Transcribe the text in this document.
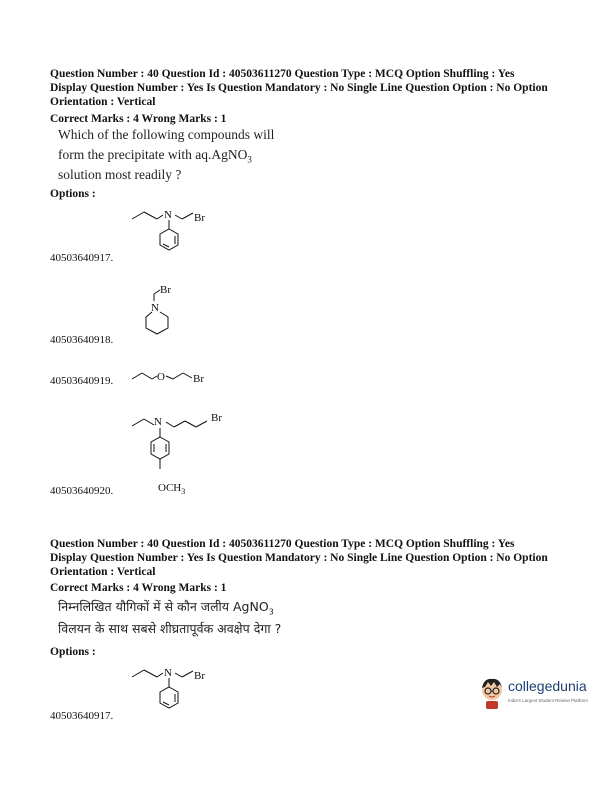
Question Number : 40 Question Id : 40503611270 Question Type : MCQ Option Shuffling : Yes
Display Question Number : Yes Is Question Mandatory : No Single Line Question Option : No Option
Orientation : Vertical
Correct Marks : 4 Wrong Marks : 1
Which of the following compounds will
form the precipitate with aq.AgNO$_3$
solution most readily ?
Options :
N Br
40503640917.
Br
N
40503640918.
O	Br
40503640919.
N	Br
$OCH_3$
40503640920.
Question Number : 40 Question Id : 40503611270 Question Type : MCQ Option Shuffling : Yes
Display Question Number : Yes Is Question Mandatory : No Single Line Question Option : No Option
Orientation : Vertical
Correct Marks : 4 Wrong Marks : 1
निम्नलिखित यौगिकों में से कौन जलीय AgNO$_3$
विलयन के साथ सबसे शीघ्रतापूर्वक अवक्षेप देगा ?
Options :
N Br
40503640917.
collegedunia
India's Largest Student Review Platform
